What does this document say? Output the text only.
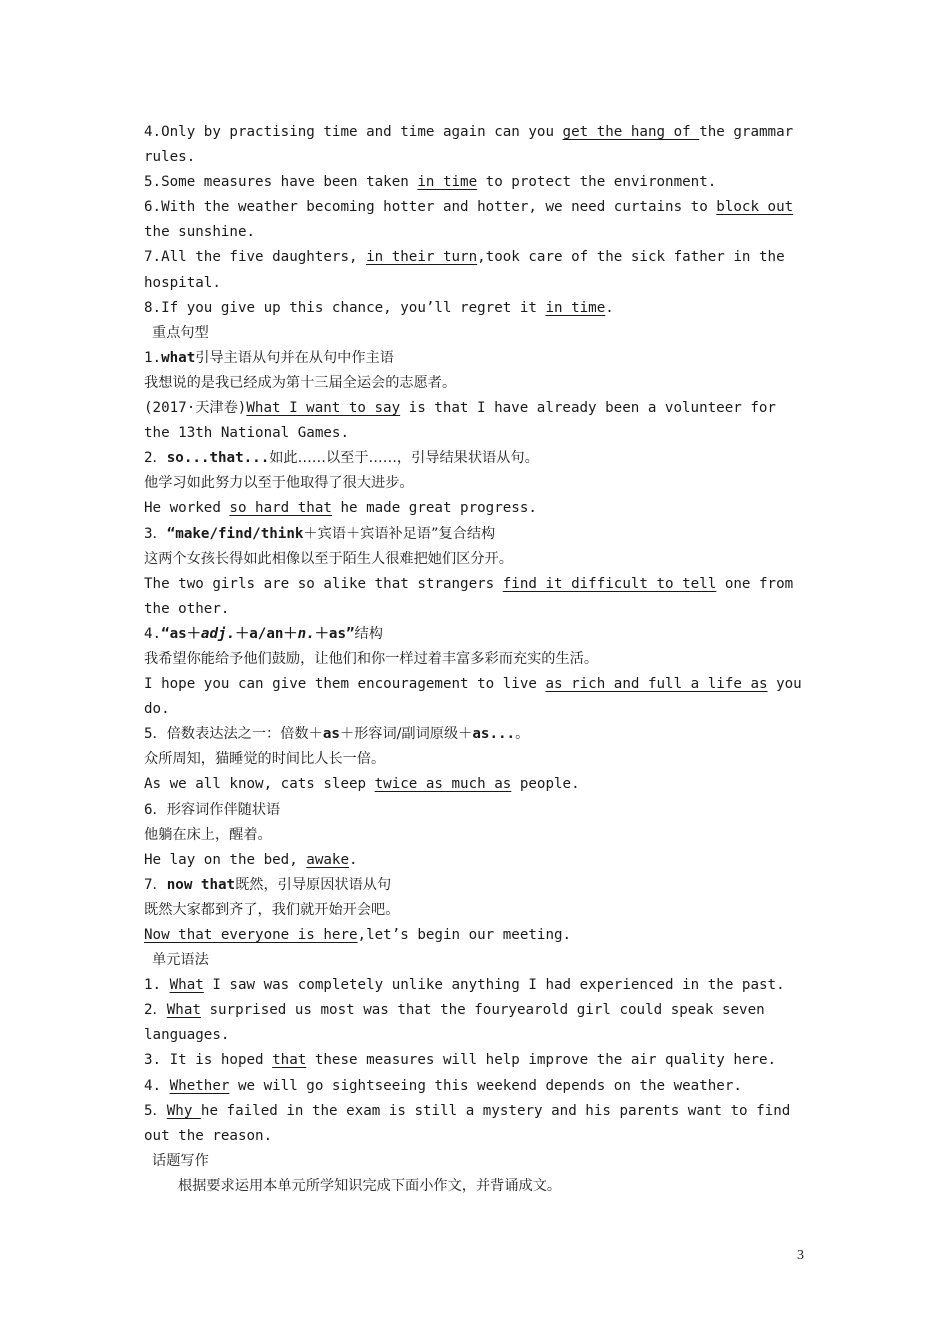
4.Only by practising time and time again can you get the hang of the grammar
rules.
5.Some measures have been taken in time to protect the environment.
6.With the weather becoming hotter and hotter, we need curtains to block out
the sunshine.
7.All the five daughters, in their turn,took care of the sick father in the
hospital.
8.If you give up this chance, you’ll regret it in time.
重点句型
1.what引导主语从句并在从句中作主语
我想说的是我已经成为第十三届全运会的志愿者。
(2017·天津卷)What I want to say is that I have already been a volunteer for
the 13th National Games.
2．so...that...如此……以至于……，引导结果状语从句。
他学习如此努力以至于他取得了很大进步。
He worked so hard that he made great progress.
3．“make/find/think＋宾语＋宾语补足语”复合结构
这两个女孩长得如此相像以至于陌生人很难把她们区分开。
The two girls are so alike that strangers find it difficult to tell one from
the other.
4.“as＋adj.＋a/an＋n.＋as”结构
我希望你能给予他们鼓励，让他们和你一样过着丰富多彩而充实的生活。
I hope you can give them encouragement to live as rich and full a life as you
do.
5．倍数表达法之一：倍数＋as＋形容词/副词原级＋as...。
众所周知，猫睡觉的时间比人长一倍。
As we all know, cats sleep twice as much as people.
6．形容词作伴随状语
他躺在床上，醒着。
He lay on the bed, awake.
7．now that既然，引导原因状语从句
既然大家都到齐了，我们就开始开会吧。
Now that everyone is here,let’s begin our meeting.
单元语法
1. What I saw was completely unlike anything I had experienced in the past.
2．What surprised us most was that the fouryearold girl could speak seven
languages.
3. It is hoped that these measures will help improve the air quality here.
4. Whether we will go sightseeing this weekend depends on the weather.
5．Why he failed in the exam is still a mystery and his parents want to find
out the reason.
话题写作
根据要求运用本单元所学知识完成下面小作文，并背诵成文。
3
